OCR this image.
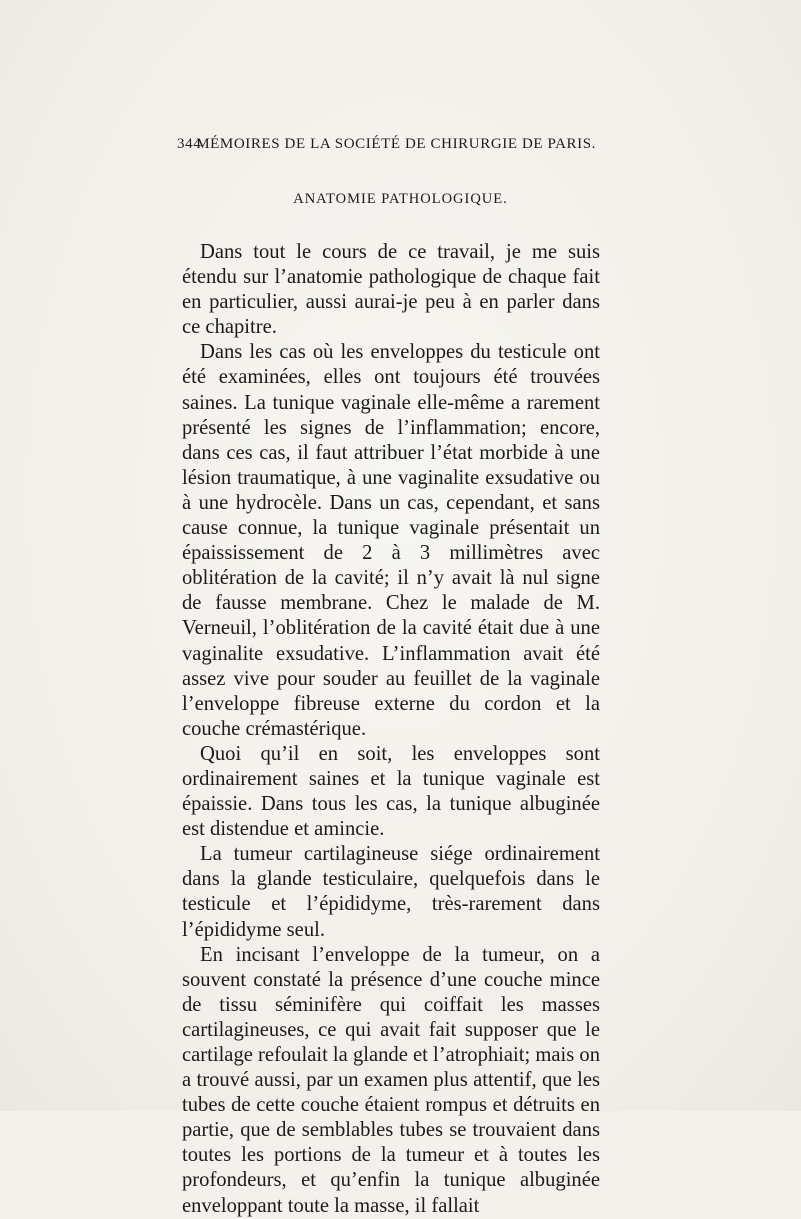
344
MÉMOIRES DE LA SOCIÉTÉ DE CHIRURGIE DE PARIS.
ANATOMIE PATHOLOGIQUE.

Dans tout le cours de ce travail, je me suis étendu sur l’anatomie pathologique de chaque fait en particulier, aussi aurai-je peu à en parler dans ce chapitre.

Dans les cas où les enveloppes du testicule ont été examinées, elles ont toujours été trouvées saines. La tunique vaginale elle-même a rarement présenté les signes de l’inflammation; encore, dans ces cas, il faut attribuer l’état morbide à une lésion traumatique, à une vaginalite exsudative ou à une hydrocèle. Dans un cas, cependant, et sans cause connue, la tunique vaginale présentait un épaississement de 2 à 3 millimètres avec oblitération de la cavité; il n’y avait là nul signe de fausse membrane. Chez le malade de M. Verneuil, l’oblitération de la cavité était due à une vaginalite exsudative. L’inflammation avait été assez vive pour souder au feuillet de la vaginale l’enveloppe fibreuse externe du cordon et la couche crémastérique.

Quoi qu’il en soit, les enveloppes sont ordinairement saines et la tunique vaginale est épaissie. Dans tous les cas, la tunique albuginée est distendue et amincie.

La tumeur cartilagineuse siége ordinairement dans la glande testiculaire, quelquefois dans le testicule et l’épididyme, très-rarement dans l’épididyme seul.

En incisant l’enveloppe de la tumeur, on a souvent constaté la présence d’une couche mince de tissu séminifère qui coiffait les masses cartilagineuses, ce qui avait fait supposer que le cartilage refoulait la glande et l’atrophiait; mais on a trouvé aussi, par un examen plus attentif, que les tubes de cette couche étaient rompus et détruits en partie, que de semblables tubes se trouvaient dans toutes les portions de la tumeur et à toutes les profondeurs, et qu’enfin la tunique albuginée enveloppant toute la masse, il fallait
